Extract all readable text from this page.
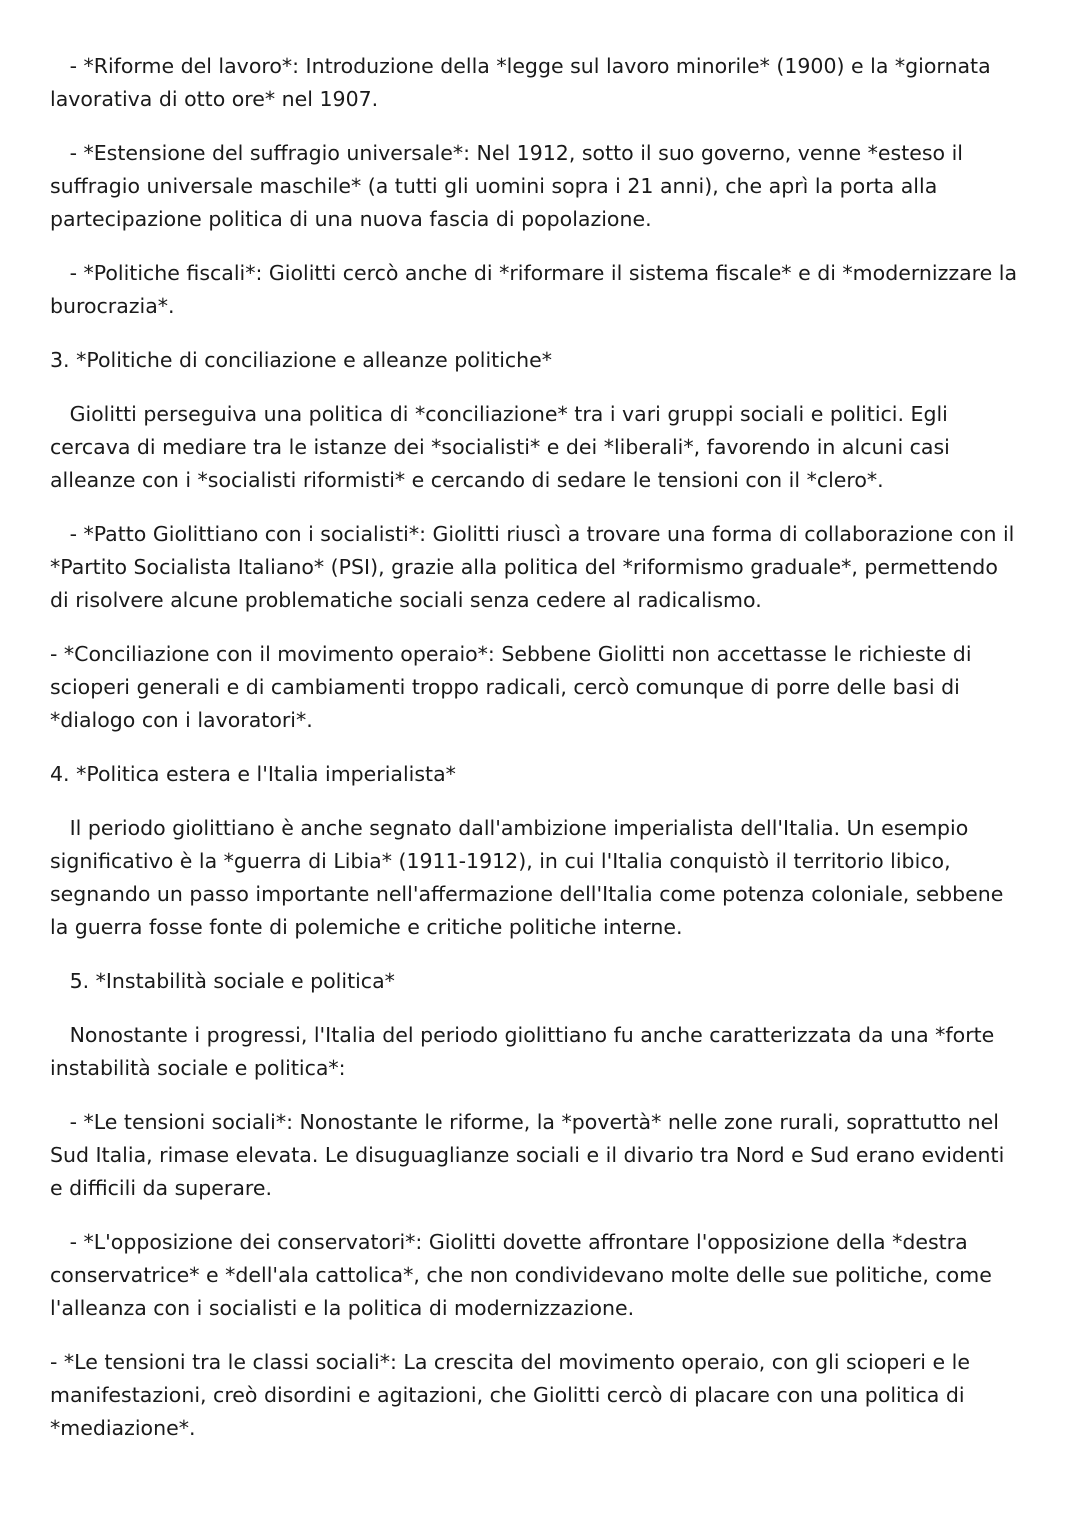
- *Riforme del lavoro*: Introduzione della *legge sul lavoro minorile* (1900) e la *giornata lavorativa di otto ore* nel 1907.

- *Estensione del suffragio universale*: Nel 1912, sotto il suo governo, venne *esteso il suffragio universale maschile* (a tutti gli uomini sopra i 21 anni), che aprì la porta alla partecipazione politica di una nuova fascia di popolazione.

- *Politiche fiscali*: Giolitti cercò anche di *riformare il sistema fiscale* e di *modernizzare la burocrazia*.

3. *Politiche di conciliazione e alleanze politiche*

Giolitti perseguiva una politica di *conciliazione* tra i vari gruppi sociali e politici. Egli cercava di mediare tra le istanze dei *socialisti* e dei *liberali*, favorendo in alcuni casi alleanze con i *socialisti riformisti* e cercando di sedare le tensioni con il *clero*.

- *Patto Giolittiano con i socialisti*: Giolitti riuscì a trovare una forma di collaborazione con il *Partito Socialista Italiano* (PSI), grazie alla politica del *riformismo graduale*, permettendo di risolvere alcune problematiche sociali senza cedere al radicalismo.

- *Conciliazione con il movimento operaio*: Sebbene Giolitti non accettasse le richieste di scioperi generali e di cambiamenti troppo radicali, cercò comunque di porre delle basi di *dialogo con i lavoratori*.

4. *Politica estera e l'Italia imperialista*

Il periodo giolittiano è anche segnato dall'ambizione imperialista dell'Italia. Un esempio significativo è la *guerra di Libia* (1911-1912), in cui l'Italia conquistò il territorio libico, segnando un passo importante nell'affermazione dell'Italia come potenza coloniale, sebbene la guerra fosse fonte di polemiche e critiche politiche interne.

5. *Instabilità sociale e politica*

Nonostante i progressi, l'Italia del periodo giolittiano fu anche caratterizzata da una *forte instabilità sociale e politica*:

- *Le tensioni sociali*: Nonostante le riforme, la *povertà* nelle zone rurali, soprattutto nel Sud Italia, rimase elevata. Le disuguaglianze sociali e il divario tra Nord e Sud erano evidenti e difficili da superare.

- *L'opposizione dei conservatori*: Giolitti dovette affrontare l'opposizione della *destra conservatrice* e *dell'ala cattolica*, che non condividevano molte delle sue politiche, come l'alleanza con i socialisti e la politica di modernizzazione.

- *Le tensioni tra le classi sociali*: La crescita del movimento operaio, con gli scioperi e le manifestazioni, creò disordini e agitazioni, che Giolitti cercò di placare con una politica di *mediazione*.
